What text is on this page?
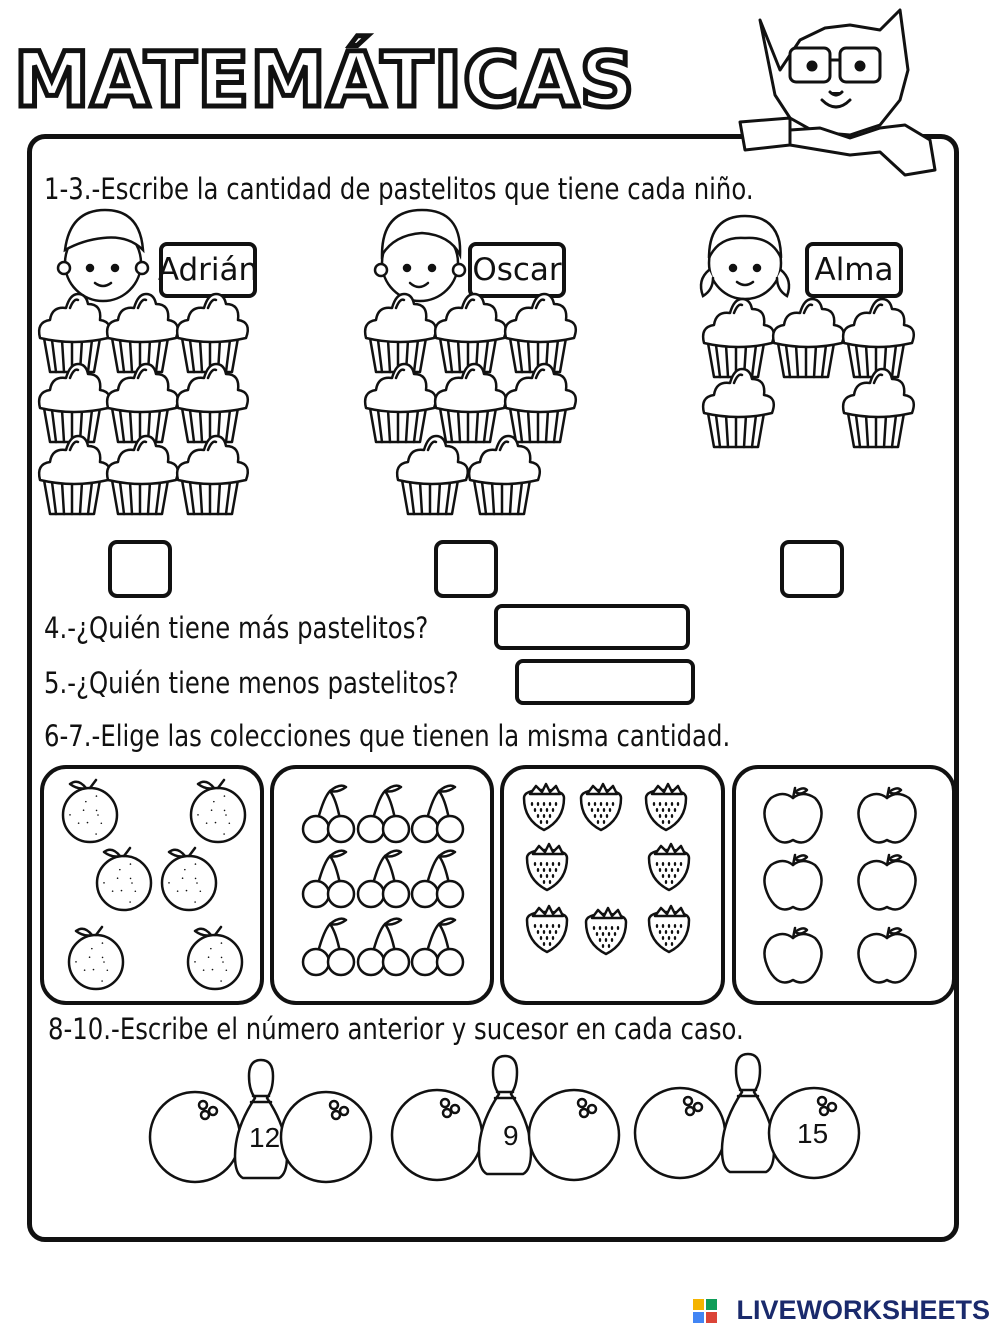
MATEMÁTICAS
1-3.-Escribe la cantidad de pastelitos que tiene cada niño.
Adrián	Oscar	Alma
4.-¿Quién tiene más pastelitos?
5.-¿Quién tiene menos pastelitos?
6-7.-Elige las colecciones que tienen la misma cantidad.
8-10.-Escribe el número anterior y sucesor en cada caso.
12	9	15
LIVEWORKSHEETS
